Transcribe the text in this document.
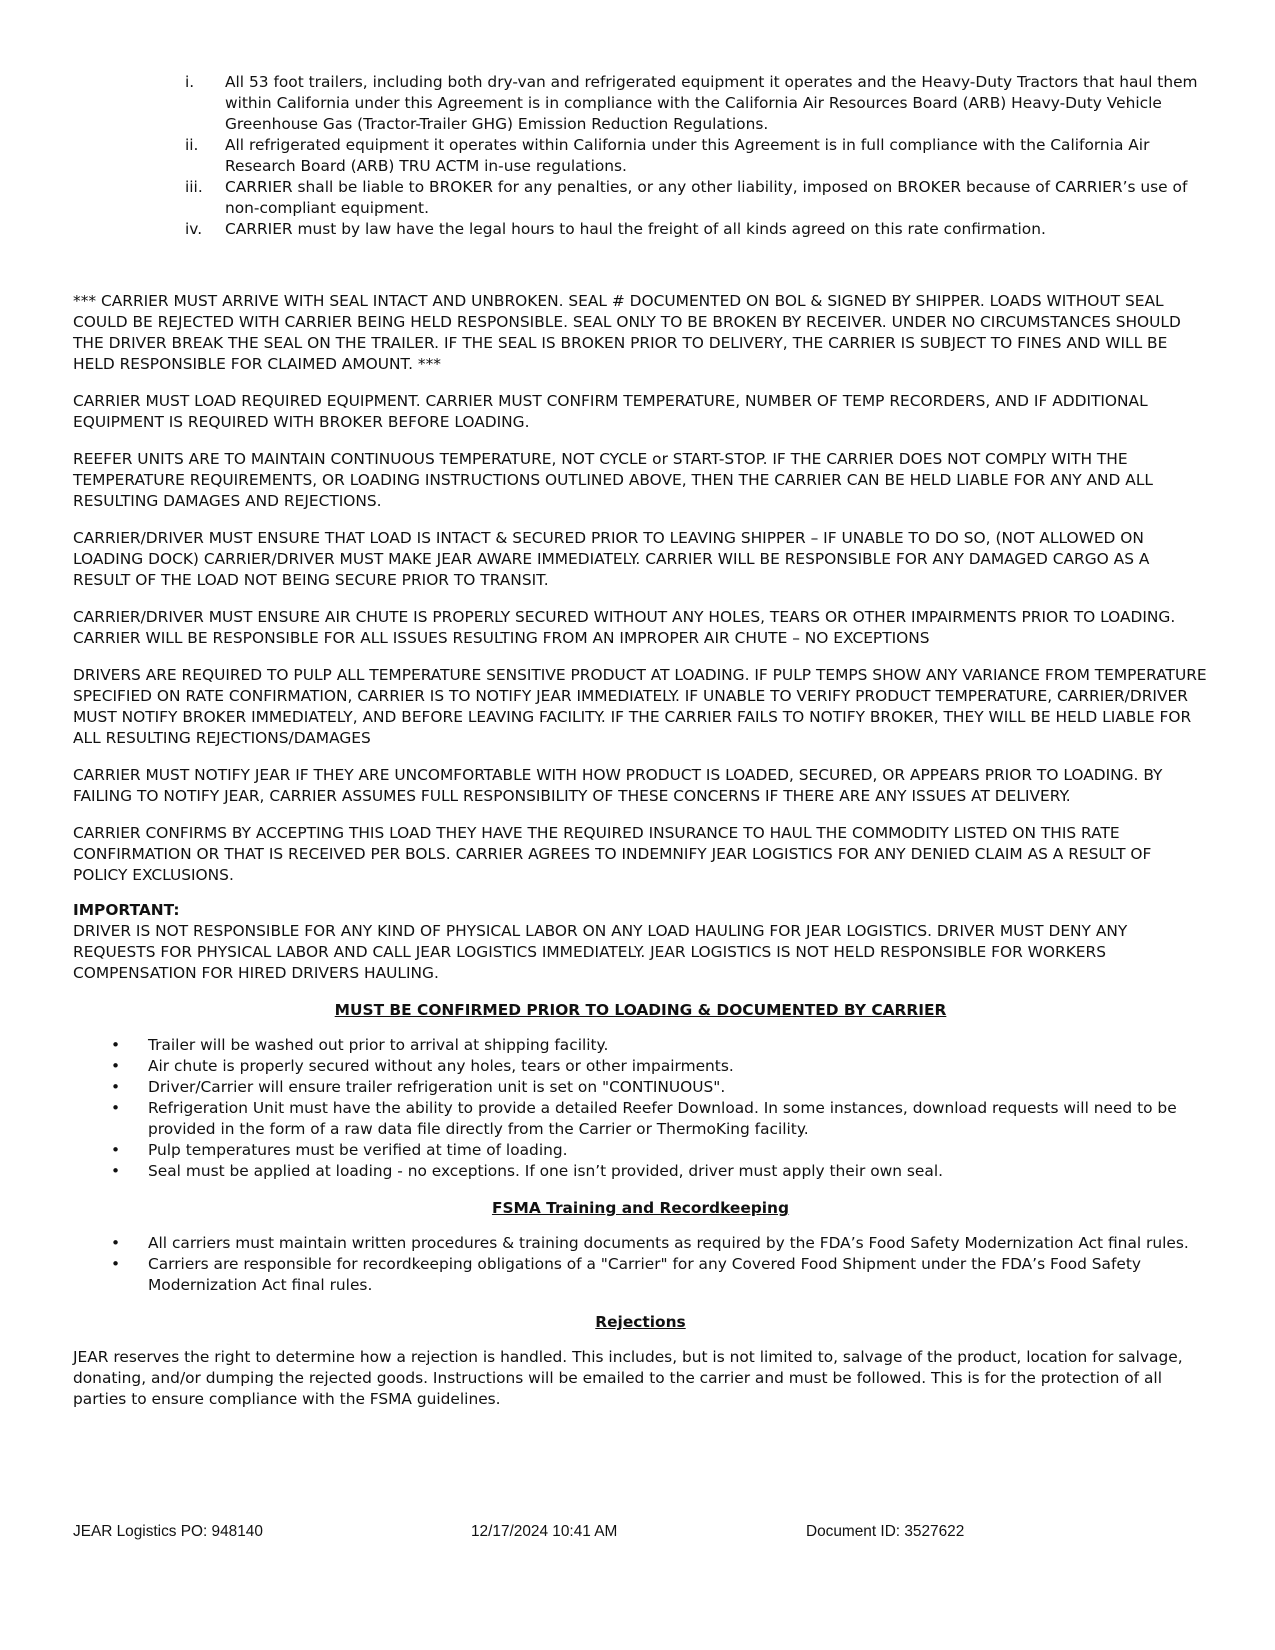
i. All 53 foot trailers, including both dry-van and refrigerated equipment it operates and the Heavy-Duty Tractors that haul them within California under this Agreement is in compliance with the California Air Resources Board (ARB) Heavy-Duty Vehicle Greenhouse Gas (Tractor-Trailer GHG) Emission Reduction Regulations.
ii. All refrigerated equipment it operates within California under this Agreement is in full compliance with the California Air Research Board (ARB) TRU ACTM in-use regulations.
iii. CARRIER shall be liable to BROKER for any penalties, or any other liability, imposed on BROKER because of CARRIER’s use of non-compliant equipment.
iv. CARRIER must by law have the legal hours to haul the freight of all kinds agreed on this rate confirmation.

*** CARRIER MUST ARRIVE WITH SEAL INTACT AND UNBROKEN. SEAL # DOCUMENTED ON BOL & SIGNED BY SHIPPER. LOADS WITHOUT SEAL COULD BE REJECTED WITH CARRIER BEING HELD RESPONSIBLE. SEAL ONLY TO BE BROKEN BY RECEIVER. UNDER NO CIRCUMSTANCES SHOULD THE DRIVER BREAK THE SEAL ON THE TRAILER. IF THE SEAL IS BROKEN PRIOR TO DELIVERY, THE CARRIER IS SUBJECT TO FINES AND WILL BE HELD RESPONSIBLE FOR CLAIMED AMOUNT. ***

CARRIER MUST LOAD REQUIRED EQUIPMENT. CARRIER MUST CONFIRM TEMPERATURE, NUMBER OF TEMP RECORDERS, AND IF ADDITIONAL EQUIPMENT IS REQUIRED WITH BROKER BEFORE LOADING.

REEFER UNITS ARE TO MAINTAIN CONTINUOUS TEMPERATURE, NOT CYCLE or START-STOP. IF THE CARRIER DOES NOT COMPLY WITH THE TEMPERATURE REQUIREMENTS, OR LOADING INSTRUCTIONS OUTLINED ABOVE, THEN THE CARRIER CAN BE HELD LIABLE FOR ANY AND ALL RESULTING DAMAGES AND REJECTIONS.

CARRIER/DRIVER MUST ENSURE THAT LOAD IS INTACT & SECURED PRIOR TO LEAVING SHIPPER – IF UNABLE TO DO SO, (NOT ALLOWED ON LOADING DOCK) CARRIER/DRIVER MUST MAKE JEAR AWARE IMMEDIATELY. CARRIER WILL BE RESPONSIBLE FOR ANY DAMAGED CARGO AS A RESULT OF THE LOAD NOT BEING SECURE PRIOR TO TRANSIT.

CARRIER/DRIVER MUST ENSURE AIR CHUTE IS PROPERLY SECURED WITHOUT ANY HOLES, TEARS OR OTHER IMPAIRMENTS PRIOR TO LOADING. CARRIER WILL BE RESPONSIBLE FOR ALL ISSUES RESULTING FROM AN IMPROPER AIR CHUTE – NO EXCEPTIONS

DRIVERS ARE REQUIRED TO PULP ALL TEMPERATURE SENSITIVE PRODUCT AT LOADING. IF PULP TEMPS SHOW ANY VARIANCE FROM TEMPERATURE SPECIFIED ON RATE CONFIRMATION, CARRIER IS TO NOTIFY JEAR IMMEDIATELY. IF UNABLE TO VERIFY PRODUCT TEMPERATURE, CARRIER/DRIVER MUST NOTIFY BROKER IMMEDIATELY, AND BEFORE LEAVING FACILITY. IF THE CARRIER FAILS TO NOTIFY BROKER, THEY WILL BE HELD LIABLE FOR ALL RESULTING REJECTIONS/DAMAGES

CARRIER MUST NOTIFY JEAR IF THEY ARE UNCOMFORTABLE WITH HOW PRODUCT IS LOADED, SECURED, OR APPEARS PRIOR TO LOADING. BY FAILING TO NOTIFY JEAR, CARRIER ASSUMES FULL RESPONSIBILITY OF THESE CONCERNS IF THERE ARE ANY ISSUES AT DELIVERY.

CARRIER CONFIRMS BY ACCEPTING THIS LOAD THEY HAVE THE REQUIRED INSURANCE TO HAUL THE COMMODITY LISTED ON THIS RATE CONFIRMATION OR THAT IS RECEIVED PER BOLS. CARRIER AGREES TO INDEMNIFY JEAR LOGISTICS FOR ANY DENIED CLAIM AS A RESULT OF POLICY EXCLUSIONS.

IMPORTANT:

DRIVER IS NOT RESPONSIBLE FOR ANY KIND OF PHYSICAL LABOR ON ANY LOAD HAULING FOR JEAR LOGISTICS. DRIVER MUST DENY ANY REQUESTS FOR PHYSICAL LABOR AND CALL JEAR LOGISTICS IMMEDIATELY. JEAR LOGISTICS IS NOT HELD RESPONSIBLE FOR WORKERS COMPENSATION FOR HIRED DRIVERS HAULING.

MUST BE CONFIRMED PRIOR TO LOADING & DOCUMENTED BY CARRIER

• Trailer will be washed out prior to arrival at shipping facility.
• Air chute is properly secured without any holes, tears or other impairments.
• Driver/Carrier will ensure trailer refrigeration unit is set on "CONTINUOUS".
• Refrigeration Unit must have the ability to provide a detailed Reefer Download. In some instances, download requests will need to be provided in the form of a raw data file directly from the Carrier or ThermoKing facility.
• Pulp temperatures must be verified at time of loading.
• Seal must be applied at loading - no exceptions. If one isn’t provided, driver must apply their own seal.

FSMA Training and Recordkeeping

• All carriers must maintain written procedures & training documents as required by the FDA’s Food Safety Modernization Act final rules.
• Carriers are responsible for recordkeeping obligations of a "Carrier" for any Covered Food Shipment under the FDA’s Food Safety Modernization Act final rules.

Rejections

JEAR reserves the right to determine how a rejection is handled. This includes, but is not limited to, salvage of the product, location for salvage, donating, and/or dumping the rejected goods. Instructions will be emailed to the carrier and must be followed. This is for the protection of all parties to ensure compliance with the FSMA guidelines.

JEAR Logistics PO: 948140	12/17/2024 10:41 AM	Document ID: 3527622
